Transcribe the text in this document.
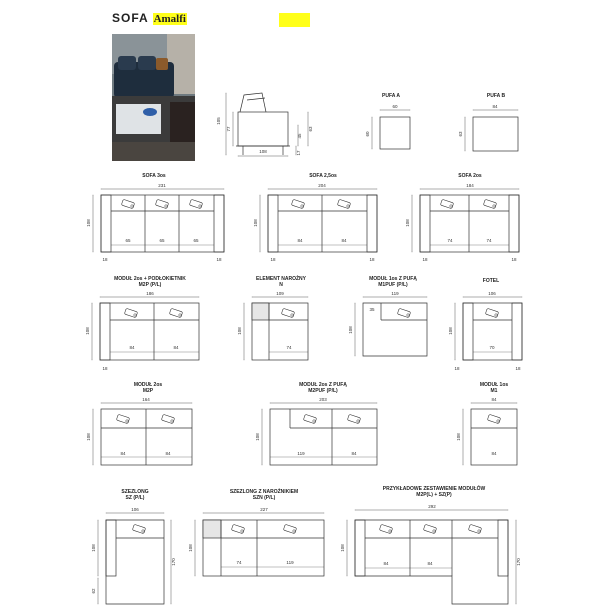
SOFA Amalfi
PUFA A	PUFA B
SOFA 3os	SOFA 2,5os	SOFA 2os
MODUŁ 2os + PODŁOKIETNIK
M2P (P/L)
ELEMENT NAROŻNY
N
MODUŁ 1os Z PUFĄ
M1PUF (P/L)
FOTEL
MODUŁ 2os
M2P
MODUŁ 2os Z PUFĄ
M2PUF (P/L)
MODUŁ 1os
M1
SZEZLONG
SZ (P/L)
SZEZLONG Z NAROŻNIKIEM
SZN (P/L)
PRZYKŁADOWE ZESTAWIENIE MODUŁÓW
M2P(L) + SZ(P)
105
77	63
45
17
108
60
60
84
63
231
108
65	65	65
18	18
204
108
84	84
18	18
184
108
74	74
18	18
186
108
84	84
18
109
108
74
119
108
35
106
108
70
18	18
164
108
84	84
203
108
119	84
84
108
84
106
108
62
170
227
108
74	119
292
108
170
84	84
